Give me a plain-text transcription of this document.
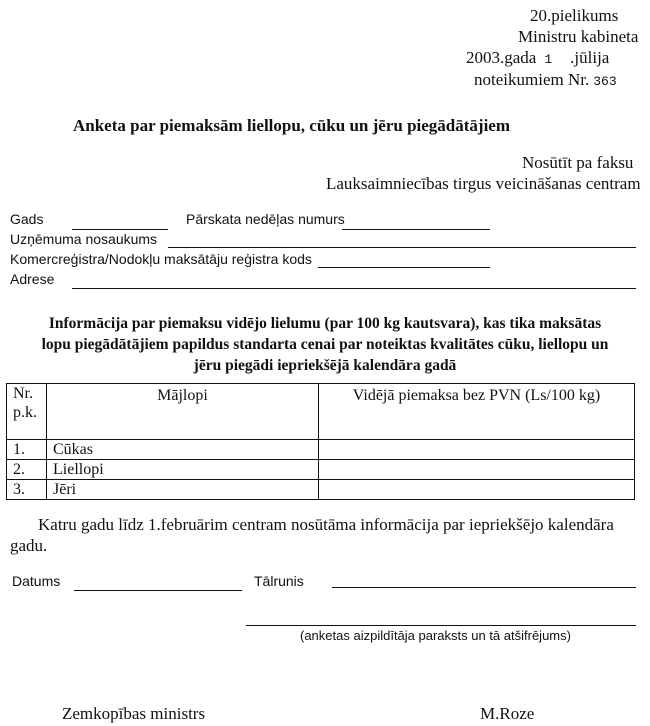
20.pielikums
Ministru kabineta
2003.gada 1 .jūlija
noteikumiem Nr. 363
Anketa par piemaksām liellopu, cūku un jēru piegādātājiem
Nosūtīt pa faksu
Lauksaimniecības tirgus veicināšanas centram
Gads	Pārskata nedēļas numurs
Uzņēmuma nosaukums
Komercreģistra/Nodokļu maksātāju reģistra kods
Adrese
Informācija par piemaksu vidējo lielumu (par 100 kg kautsvara), kas tika maksātas
lopu piegādātājiem papildus standarta cenai par noteiktas kvalitātes cūku, liellopu un
jēru piegādi iepriekšējā kalendāra gadā
Nr.
p.k.	Mājlopi	Vidējā piemaksa bez PVN (Ls/100 kg)
1.	Cūkas	
2.	Liellopi	
3.	Jēri	
Katru gadu līdz 1.februārim centram nosūtāma informācija par iepriekšējo kalendāra
gadu.
Datums	Tālrunis
(anketas aizpildītāja paraksts un tā atšifrējums)
Zemkopības ministrs	M.Roze
